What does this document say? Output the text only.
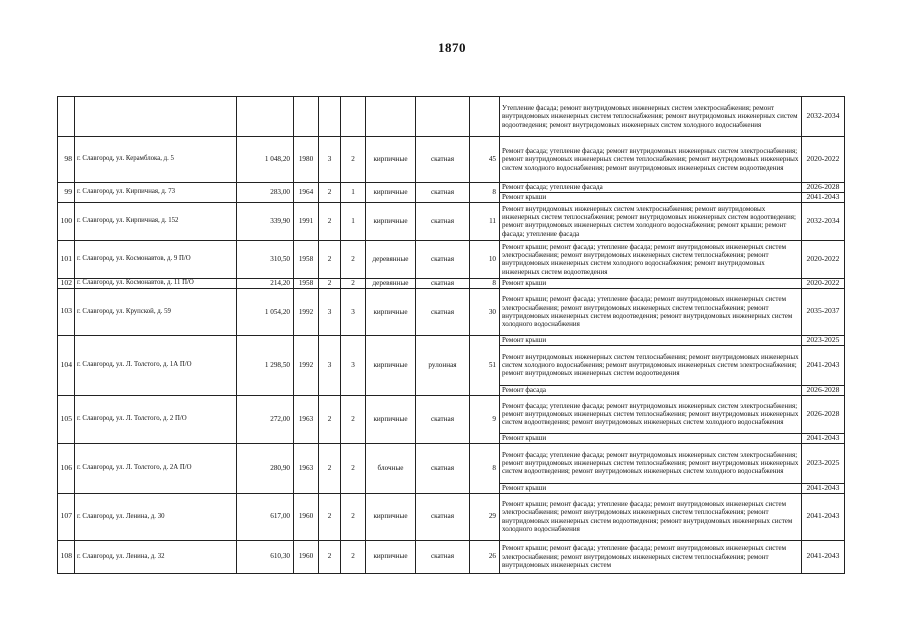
1870
									Утепление фасада; ремонт внутридомовых инженерных систем электроснабжения; ремонт внутридомовых инженерных систем теплоснабжения; ремонт внутридомовых инженерных систем водоотведения; ремонт внутридомовых инженерных систем холодного водоснабжения	2032-2034
98	г. Славгород, ул. Керамблока, д. 5	1 048,20	1980	3	2	кирпичные	скатная	45	Ремонт фасада; утепление фасада; ремонт внутридомовых инженерных систем электроснабжения; ремонт внутридомовых инженерных систем теплоснабжения; ремонт внутридомовых инженерных систем холодного водоснабжения; ремонт внутридомовых инженерных систем водоотведения	2020-2022
99	г. Славгород, ул. Кирпичная, д. 73	283,00	1964	2	1	кирпичные	скатная	8	Ремонт фасада; утепление фасада	2026-2028
									Ремонт крыши	2041-2043
100	г. Славгород, ул. Кирпичная, д. 152	339,90	1991	2	1	кирпичные	скатная	11	Ремонт внутридомовых инженерных систем электроснабжения; ремонт внутридомовых инженерных систем теплоснабжения; ремонт внутридомовых инженерных систем водоотведения; ремонт внутридомовых инженерных систем холодного водоснабжения; ремонт крыши; ремонт фасада; утепление фасада	2032-2034
101	г. Славгород, ул. Космонавтов, д. 9 П/О	310,50	1958	2	2	деревянные	скатная	10	Ремонт крыши; ремонт фасада; утепление фасада; ремонт внутридомовых инженерных систем электроснабжения; ремонт внутридомовых инженерных систем теплоснабжения; ремонт внутридомовых инженерных систем холодного водоснабжения; ремонт внутридомовых инженерных систем водоотведения	2020-2022
102	г. Славгород, ул. Космонавтов, д. 11 П/О	214,20	1958	2	2	деревянные	скатная	8	Ремонт крыши	2020-2022
103	г. Славгород, ул. Крупской, д. 59	1 054,20	1992	3	3	кирпичные	скатная	30	Ремонт крыши; ремонт фасада; утепление фасада; ремонт внутридомовых инженерных систем электроснабжения; ремонт внутридомовых инженерных систем теплоснабжения; ремонт внутридомовых инженерных систем водоотведения; ремонт внутридомовых инженерных систем холодного водоснабжения	2035-2037
104	г. Славгород, ул. Л. Толстого, д. 1А П/О	1 298,50	1992	3	3	кирпичные	рулонная	51	Ремонт крыши	2023-2025
									Ремонт внутридомовых инженерных систем теплоснабжения; ремонт внутридомовых инженерных систем холодного водоснабжения; ремонт внутридомовых инженерных систем электроснабжения; ремонт внутридомовых инженерных систем водоотведения	2041-2043
									Ремонт фасада	2026-2028
105	г. Славгород, ул. Л. Толстого, д. 2 П/О	272,00	1963	2	2	кирпичные	скатная	9	Ремонт фасада; утепление фасада; ремонт внутридомовых инженерных систем электроснабжения; ремонт внутридомовых инженерных систем теплоснабжения; ремонт внутридомовых инженерных систем водоотведения; ремонт внутридомовых инженерных систем холодного водоснабжения	2026-2028
									Ремонт крыши	2041-2043
106	г. Славгород, ул. Л. Толстого, д. 2А П/О	280,90	1963	2	2	блочные	скатная	8	Ремонт фасада; утепление фасада; ремонт внутридомовых инженерных систем электроснабжения; ремонт внутридомовых инженерных систем теплоснабжения; ремонт внутридомовых инженерных систем водоотведения; ремонт внутридомовых инженерных систем холодного водоснабжения	2023-2025
									Ремонт крыши	2041-2043
107	г. Славгород, ул. Ленина, д. 30	617,00	1960	2	2	кирпичные	скатная	29	Ремонт крыши; ремонт фасада; утепление фасада; ремонт внутридомовых инженерных систем электроснабжения; ремонт внутридомовых инженерных систем теплоснабжения; ремонт внутридомовых инженерных систем водоотведения; ремонт внутридомовых инженерных систем холодного водоснабжения	2041-2043
108	г. Славгород, ул. Ленина, д. 32	610,30	1960	2	2	кирпичные	скатная	26	Ремонт крыши; ремонт фасада; утепление фасада; ремонт внутридомовых инженерных систем электроснабжения; ремонт внутридомовых инженерных систем теплоснабжения; ремонт внутридомовых инженерных систем	2041-2043
